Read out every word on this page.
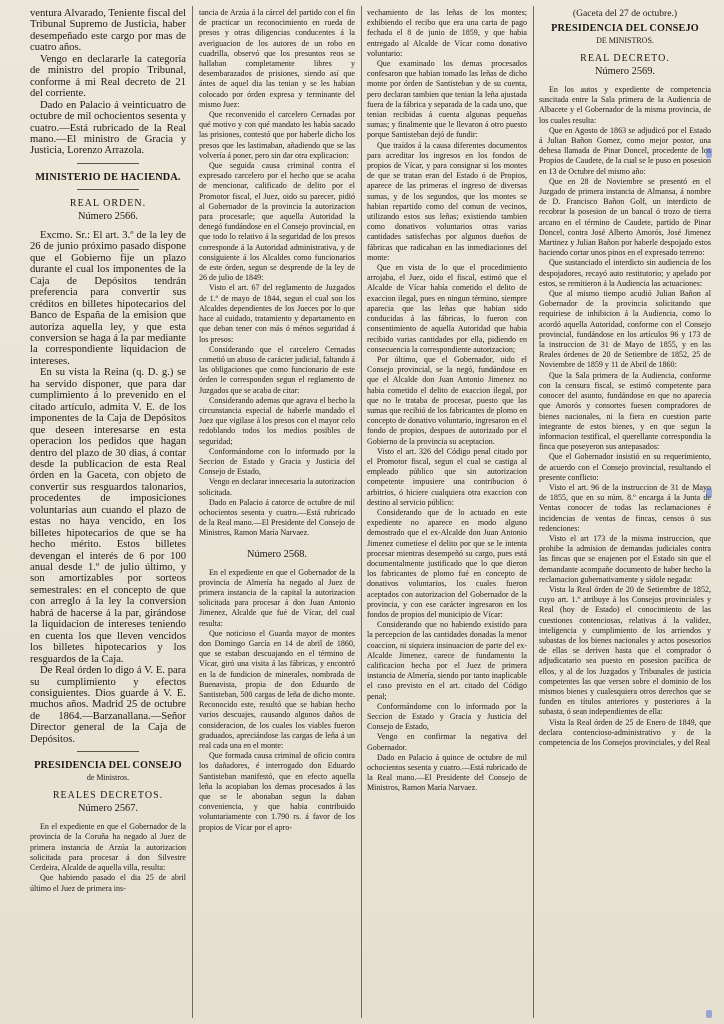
ventura Alvarado, Teniente fiscal del Tribunal Supremo de Justicia, haber desempeñado este cargo por mas de cuatro años.

Vengo en declararle la categoría de ministro del propio Tribunal, conforme á mi Real decreto de 21 del corriente.

Dado en Palacio á veinticuatro de octubre de mil ochocientos sesenta y cuatro.—Está rubricado de la Real mano.—El ministro de Gracia y Justicia, Lorenzo Arrazola.

MINISTERIO DE HACIENDA.
REAL ORDEN.
Número 2566.

Excmo. Sr.: El art. 3.º de la ley de 26 de junio próximo pasado dispone que el Gobierno fije un plazo durante el cual los imponentes de la Caja de Depósitos tendrán preferencia para convertir sus créditos en billetes hipotecarios del Banco de España de la emision que autoriza aquella ley, y que esta conversion se haga á la par mediante la correspondiente liquidacion de intereses.

En su vista la Reina (q. D. g.) se ha servido disponer, que para dar cumplimiento á lo prevenido en el citado artículo, admita V. E. de los imponentes de la Caja de Depósitos que deseen interesarse en esta operacion los pedidos que hagan dentro del plazo de 30 dias, á contar desde la publicacion de esta Real órden en la Gaceta, con objeto de convertir sus resguardos talonarios, procedentes de imposiciones voluntarias aun cuando el plazo de estas no haya vencido, en los billetes hipotecarios de que se ha hecho mérito. Estos billetes devengan el interés de 6 por 100 anual desde 1.º de julio último, y son amortizables por sorteos semestrales: en el concepto de que con arreglo á la ley la conversion habrá de hacerse á la par, girándose la liquidacion de intereses teniendo en cuenta los que lleven vencidos los billetes hipotecarios y los resguardos de la Caja.

De Real órden lo digo á V. E. para su cumplimiento y efectos consiguientes. Dios guarde á V. E. muchos años. Madrid 25 de octubre de 1864.—Barzanallana.—Señor Director general de la Caja de Depósitos.

PRESIDENCIA DEL CONSEJO
de Ministros.
REALES DECRETOS.
Número 2567.

En el expediente en que el Gobernador de la provincia de la Coruña ha negado al Juez de primera instancia de Arzúa la autorizacion solicitada para procesar á don Silvestre Cerdeira, Alcalde de aquella villa, resulta:

Que habiendo pasado el dia 25 de abril último el Juez de primera ins-

tancia de Arzúa á la cárcel del partido con el fin de practicar un reconocimiento en rueda de presos y otras diligencias conducentes á la averiguacion de los autores de un robo en cuadrilla, observó que los presuntos reos se hallaban completamente libres y desembarazados de prisiones, siendo así que ántes de aquel dia las tenian y se les habian colocado por órden expresa y terminante del mismo Juez:

Que reconvenido el carcelero Cernadas por qué motivo y con qué mandato les había sacado las prisiones, contestó que por haberle dicho los presos que les lastimaban, añadiendo que se las volvería á poner, pero sin dar otra explicacion:

Que seguida causa criminal contra el expresado carcelero por el hecho que se acaba de mencionar, calificado de delito por el Promotor fiscal, el Juez, oido su parecer, pidió al Gobernador de la provincia la autorizacion para procesarle; que aquella Autoridad la denegó fundándose en el Consejo provincial, en que todo lo relativo á la seguridad de los presos corresponde á la Autoridad administrativa, y de consiguiente á los Alcaldes como funcionarios de este órden, segun se desprende de la ley de 26 de julio de 1849:

Visto el art. 67 del reglamento de Juzgados de 1.º de mayo de 1844, segun el cual son los Alcaldes dependientes de los Jueces por lo que hace al cuidado, tratamiento y departamento en que deban tener con más ó ménos seguridad á los presos:

Considerando que el carcelero Cernadas cometió un abuso de carácter judicial, faltando á las obligaciones que como funcionario de este órden le corresponden segun el reglamento de Juzgados que se acaba de citar:

Considerando ademas que agrava el hecho la circunstancia especial de haberle mandado el Juez que vigilase á los presos con el mayor celo redoblando todos los medios posibles de seguridad;

Conformándome con lo informado por la Seccion de Estado y Gracia y Justicia del Consejo de Estado,

Vengo en declarar innecesaria la autorizacion solicitada.

Dado en Palacio á catorce de octubre de mil ochocientos sesenta y cuatro.—Está rubricado de la Real mano.—El Presidente del Consejo de Ministros, Ramon María Narvaez.

Número 2568.

En el expediente en que el Gobernador de la provincia de Almería ha negado al Juez de primera instancia de la capital la autorizacion solicitada para procesar á don Juan Antonio Jimenez, Alcalde que fué de Vícar, del cual resulta:

Que noticioso el Guarda mayor de montes don Domingo García en 14 de abril de 1860, que se estaban descuajando en el término de Vícar, giró una visita á las fábricas, y encontró en la de fundicion de minerales, nombrada de Buenavista, propia de don Eduardo de Santisteban, 500 cargas de leña de dicho monte. Reconocido este, resultó que se habian hecho varios descuajes, causando algunos daños de consideracion, de los cuales los viables fueron graduados, apreciándose las cargas de leña á un real cada una en el monte:

Que formada causa criminal de oficio contra los dañadores, é interrogado don Eduardo Santisteban manifestó, que en efecto aquella leña la acopiaban los demas procesados á las que se le abonaban segun la daban conveniencia, y que habia contribuido voluntariamente con 1.790 rs. á favor de los propios de Vícar por el apro-

vechamiento de las leñas de los montes; exhibiendo el recibo que era una carta de pago fechada el 8 de junio de 1859, y que habia entregado al Alcalde de Vícar como donativo voluntario:

Que examinado los demas procesados confesaron que habian tomado las leñas de dicho monte por órden de Santisteban y de su cuenta, pero declaran tambien que tenian la leña ajustada fuera de la fábrica y separada de la cada uno, que tenian recibidas á cuenta algunas pequeñas sumas; y finalmente que le llevaron á otro puesto porque Santisteban dejó de fundir:

Que traídos á la causa diferentes documentos para acreditar los ingresos en los fondos de propios de Vícar, y para consignar si los montes de que se tratan eran del Estado ó de Propios, aparece de las primeras el ingreso de diversas sumas, y de los segundos, que los montes se habian repartido como del comun de vecinos, utilizando estos sus leñas; existiendo tambien como donativos voluntarios otras varias cantidades satisfechas por algunos dueños de fábricas que radicaban en las inmediaciones del monte:

Que en vista de lo que el procedimiento arrojaba, el Juez, oido el fiscal, estimó que el Alcalde de Vícar había cometido el delito de exaccion ilegal, pues en ningun término, siempre aparecia que las leñas que habian sido conducidas á las fábricas, lo fueron con consentimiento de aquella Autoridad que habia recibido varias cantidades por ella, pidiendo en consecuencia la correspondiente autorizacion;

Por último, que el Gobernador, oido el Consejo provincial, se la negó, fundándose en que el Alcalde don Juan Antonio Jimenez no habia cometido el delito de exaccion ilegal, por que no le trataba de procesar, puesto que las sumas que recibió de los fabricantes de plomo en concepto de donativo voluntario, ingresaron en el fondo de propios, despues de autorizado por el Gobierno de la provincia su aceptacion.

Visto el art. 326 del Código penal citado por el Promotor fiscal, segun el cual se castiga al empleado público que sin autorizacion competente impusiere una contribucion ó arbitrios, ó hiciere cualquiera otra exaccion con destino al servicio público:

Considerando que de lo actuado en este expediente no aparece en modo alguno demostrado que el ex-Alcalde don Juan Antonio Jimenez cometiese el delito por que se le intenta procesar mientras desempeñó su cargo, pues está documentalmente justificado que lo que dieron los fabricantes de plomo fué en concepto de donativos voluntarios, los cuales fueron aceptados con autorizacion del Gobernador de la provincia, y con ese carácter ingresaron en los fondos de propios del municipio de Vícar:

Considerando que no habiendo existido para la percepcion de las cantidades donadas la menor coaccion, ni siquiera insinuacion de parte del ex-Alcalde Jimenez, carece de fundamento la calificacion hecha por el Juez de primera instancia de Almería, siendo por tanto inaplicable el caso previsto en el art. citado del Código penal;

Conformándome con lo informado por la Seccion de Estado y Gracia y Justicia del Consejo de Estado,

Vengo en confirmar la negativa del Gobernador.

Dado en Palacio á quince de octubre de mil ochocientos sesenta y cuatro.—Está rubricado de la Real mano.—El Presidente del Consejo de Ministros, Ramon María Narvaez.

(Gaceta del 27 de octubre.)
PRESIDENCIA DEL CONSEJO
DE MINISTROS.
REAL DECRETO.
Número 2569.

En los autos y expediente de competencia suscitada entre la Sala primera de la Audiencia de Albacete y el Gobernador de la misma provincia, de los cuales resulta:

Que en Agosto de 1863 se adjudicó por el Estado á Julian Bañon Gomez, como mejor postor, una dehesa llamada de Pinar Doncel, procedente de los Propios de Caudete, de la cual se le puso en posesion en 13 de Octubre del mismo año:

Que en 28 de Noviembre se presentó en el Juzgado de primera instancia de Almansa, á nombre de D. Francisco Bañon Golf, un interdicto de recobrar la posesion de un bancal ó trozo de tierra arcano en el término de Caudete, partido de Pinar Doncel, contra José Alberto Amorós, José Jimenez Martinez y Julian Bañon por haberle despojado estos haciendo cortar unos pinos en el expresado terreno:

Que sustanciado el interdicto sin audiencia de los despojadores, recayó auto restitutorio; y apelado por estos, se remitieron á la Audiencia las actuaciones:

Que al mismo tiempo acudió Julian Bañon al Gobernador de la provincia solicitando que requiriese de inhibicion á la Audiencia, como lo acordó aquella Autoridad, conforme con el Consejo provincial, fundándose en los artículos 96 y 173 de la instruccion de 31 de Mayo de 1855, y en las Reales órdenes de 20 de Setiembre de 1852, 25 de Noviembre de 1859 y 11 de Abril de 1860:

Que la Sala primera de la Audiencia, conforme con la censura fiscal, se estimó competente para conocer del asunto, fundándose en que no aparecía que Amorós y consortes fuesen compradores de bienes nacionales, ni la fiera en cuestion parte integrante de estos bienes, y en que segun la informacion testifical, el querellante correspondia la finca que poseyeron sus antepasados:

Que el Gobernador insistió en su requerimiento, de acuerdo con el Consejo provincial, resultando el presente conflicto:

Visto el art. 96 de la instruccion de 31 de Mayo de 1855, que en su núm. 8.º encarga á la Junta de Ventas conocer de todas las reclamaciones é incidencias de ventas de fincas, censos ó sus redenciones:

Visto el art 173 de la misma instruccion, que prohibe la admision de demandas judiciales contra las fincas que se enajenen por el Estado sin que el demandante acompañe documento de haber hecho la reclamacion gubernativamente y sídole negada:

Vista la Real órden de 20 de Setiembre de 1852, cuyo art. 1.º atribuye á los Consejos provinciales y Real (hoy de Estado) el conocimiento de las cuestiones contenciosas, relativas á la validez, inteligencia y cumplimiento de los arriendos y subastas de los bienes nacionales y actos posesorios de ellas se deriven hasta que el comprador ó adjudicatario sea puesto en posesion pacífica de ellos, y al de los Juzgados y Tribunales de justicia competentes las que versen sobre el dominio de los mismos bienes y cualesquiera otros derechos que se funden en títulos anteriores y posteriores á la subasta, ó sean independientes de ella:

Vista la Real órden de 25 de Enero de 1849, que declara contencioso-administrativo y de la competencia de los Consejos provinciales, y del Real
